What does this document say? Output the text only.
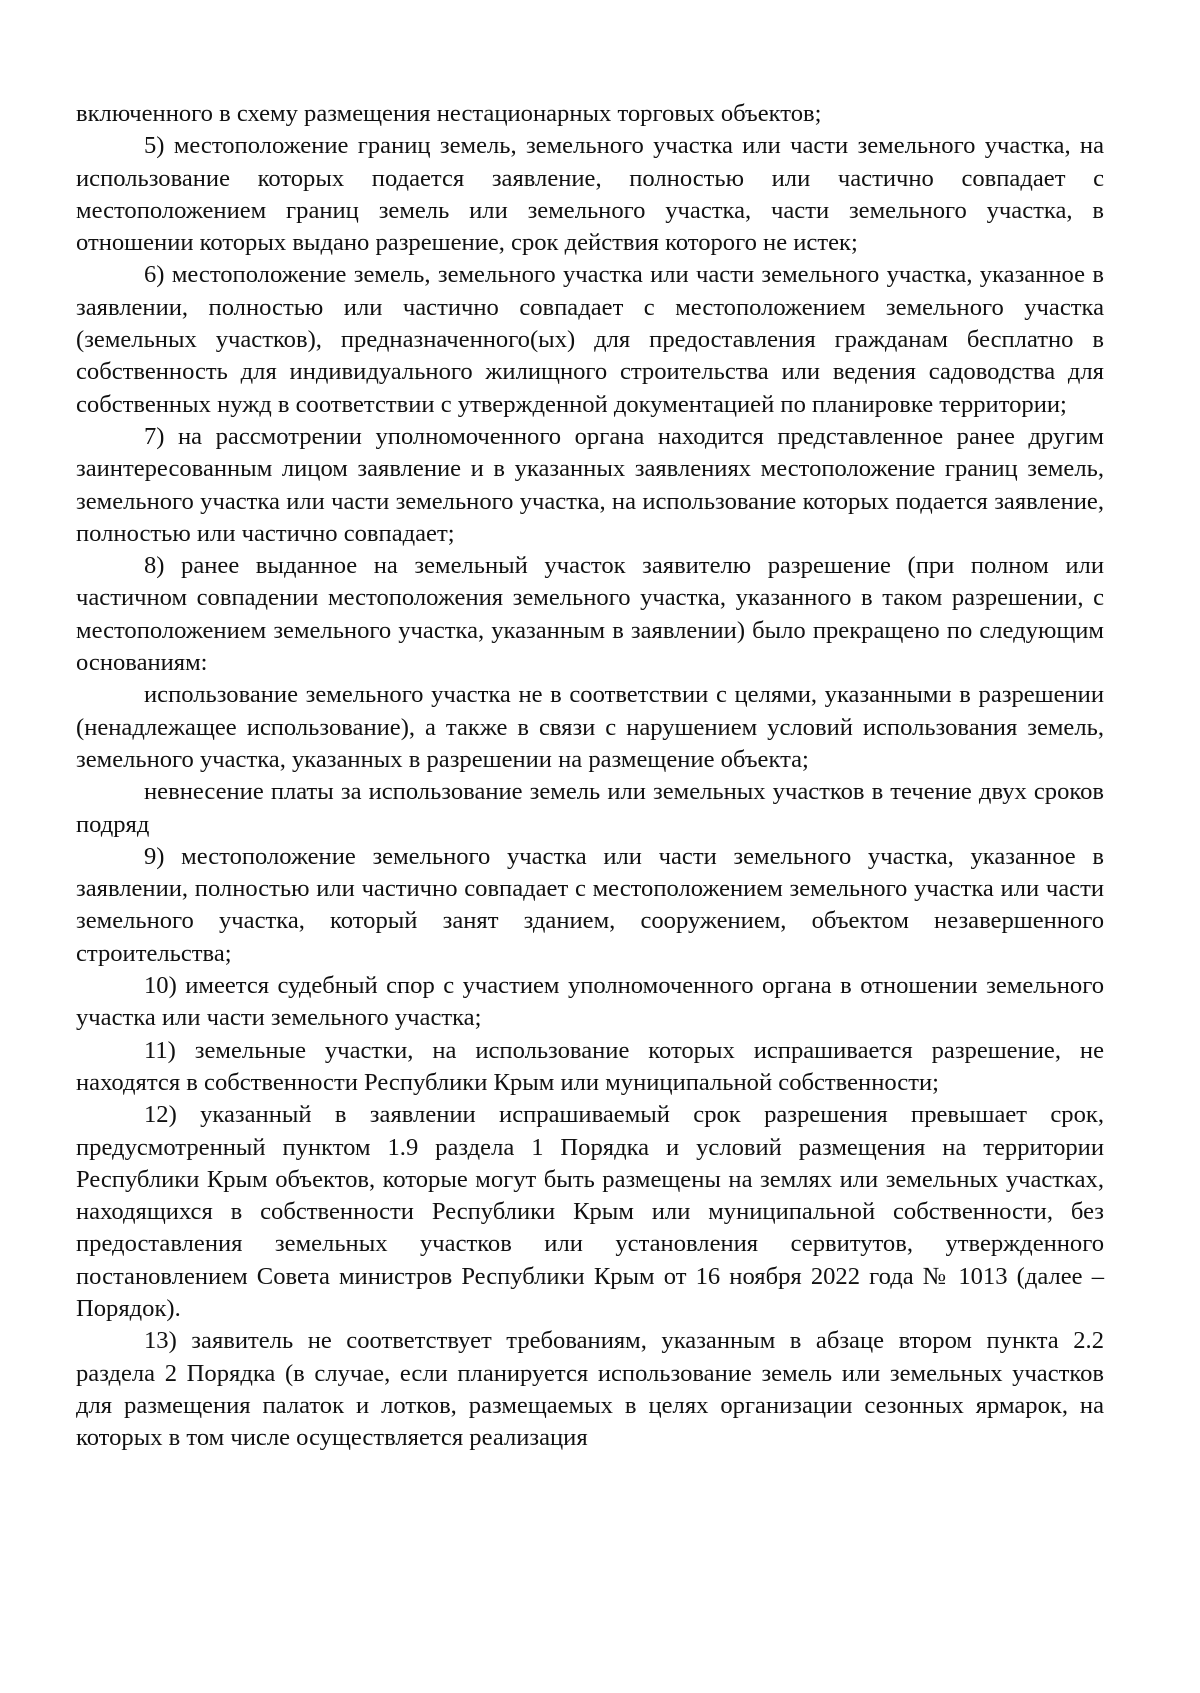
включенного в схему размещения нестационарных торговых объектов;

5) местоположение границ земель, земельного участка или части земельного участка, на использование которых подается заявление, полностью или частично совпадает с местоположением границ земель или земельного участка, части земельного участка, в отношении которых выдано разрешение, срок действия которого не истек;

6) местоположение земель, земельного участка или части земельного участка, указанное в заявлении, полностью или частично совпадает с местоположением земельного участка (земельных участков), предназначенного(ых) для предоставления гражданам бесплатно в собственность для индивидуального жилищного строительства или ведения садоводства для собственных нужд в соответствии с утвержденной документацией по планировке территории;

7) на рассмотрении уполномоченного органа находится представленное ранее другим заинтересованным лицом заявление и в указанных заявлениях местоположение границ земель, земельного участка или части земельного участка, на использование которых подается заявление, полностью или частично совпадает;

8) ранее выданное на земельный участок заявителю разрешение (при полном или частичном совпадении местоположения земельного участка, указанного в таком разрешении, с местоположением земельного участка, указанным в заявлении) было прекращено по следующим основаниям:

использование земельного участка не в соответствии с целями, указанными в разрешении (ненадлежащее использование), а также в связи с нарушением условий использования земель, земельного участка, указанных в разрешении на размещение объекта;

невнесение платы за использование земель или земельных участков в течение двух сроков подряд

9) местоположение земельного участка или части земельного участка, указанное в заявлении, полностью или частично совпадает с местоположением земельного участка или части земельного участка, который занят зданием, сооружением, объектом незавершенного строительства;

10) имеется судебный спор с участием уполномоченного органа в отношении земельного участка или части земельного участка;

11) земельные участки, на использование которых испрашивается разрешение, не находятся в собственности Республики Крым или муниципальной собственности;

12) указанный в заявлении испрашиваемый срок разрешения превышает срок, предусмотренный пунктом 1.9 раздела 1 Порядка и условий размещения на территории Республики Крым объектов, которые могут быть размещены на землях или земельных участках, находящихся в собственности Республики Крым или муниципальной собственности, без предоставления земельных участков или установления сервитутов, утвержденного постановлением Совета министров Республики Крым от 16 ноября 2022 года № 1013 (далее – Порядок).

13) заявитель не соответствует требованиям, указанным в абзаце втором пункта 2.2 раздела 2 Порядка (в случае, если планируется использование земель или земельных участков для размещения палаток и лотков, размещаемых в целях организации сезонных ярмарок, на которых в том числе осуществляется реализация
